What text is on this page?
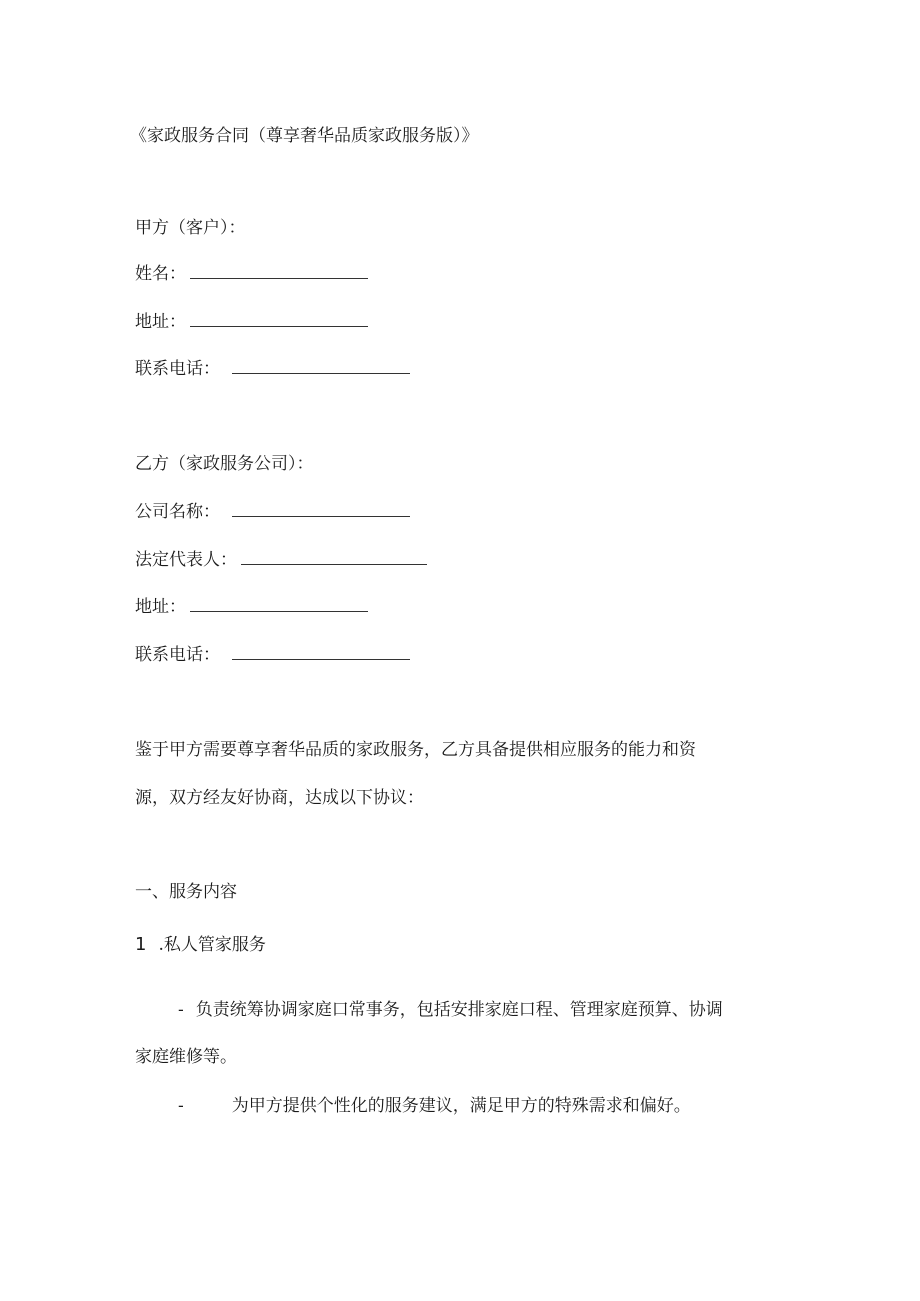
《家政服务合同（尊享奢华品质家政服务版）》
甲方（客户）：
姓名：
地址：
联系电话：
乙方（家政服务公司）：
公司名称：
法定代表人：
地址：
联系电话：
鉴于甲方需要尊享奢华品质的家政服务，乙方具备提供相应服务的能力和资
源，双方经友好协商，达成以下协议：
一、服务内容
1 .私人管家服务
- 负责统筹协调家庭口常事务，包括安排家庭口程、管理家庭预算、协调
家庭维修等。
-	为甲方提供个性化的服务建议，满足甲方的特殊需求和偏好。
